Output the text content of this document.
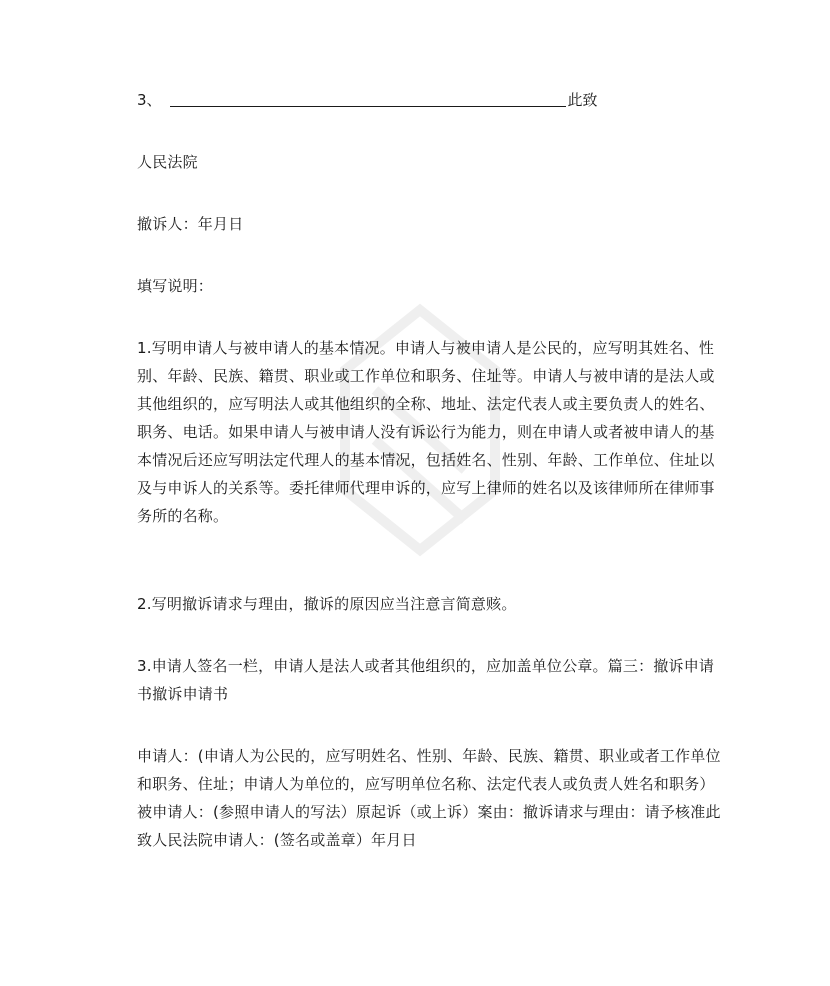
3、	此致

人民法院

撤诉人：年月日

填写说明：

1.写明申请人与被申请人的基本情况。申请人与被申请人是公民的，应写明其姓名、性别、年龄、民族、籍贯、职业或工作单位和职务、住址等。申请人与被申请的是法人或其他组织的，应写明法人或其他组织的全称、地址、法定代表人或主要负责人的姓名、职务、电话。如果申请人与被申请人没有诉讼行为能力，则在申请人或者被申请人的基本情况后还应写明法定代理人的基本情况，包括姓名、性别、年龄、工作单位、住址以及与申诉人的关系等。委托律师代理申诉的，应写上律师的姓名以及该律师所在律师事务所的名称。

2.写明撤诉请求与理由，撤诉的原因应当注意言简意赅。

3.申请人签名一栏，申请人是法人或者其他组织的，应加盖单位公章。篇三：撤诉申请书撤诉申请书

申请人：(申请人为公民的，应写明姓名、性别、年龄、民族、籍贯、职业或者工作单位和职务、住址；申请人为单位的，应写明单位名称、法定代表人或负责人姓名和职务）被申请人：(参照申请人的写法）原起诉（或上诉）案由：撤诉请求与理由：请予核准此致人民法院申请人：(签名或盖章）年月日
